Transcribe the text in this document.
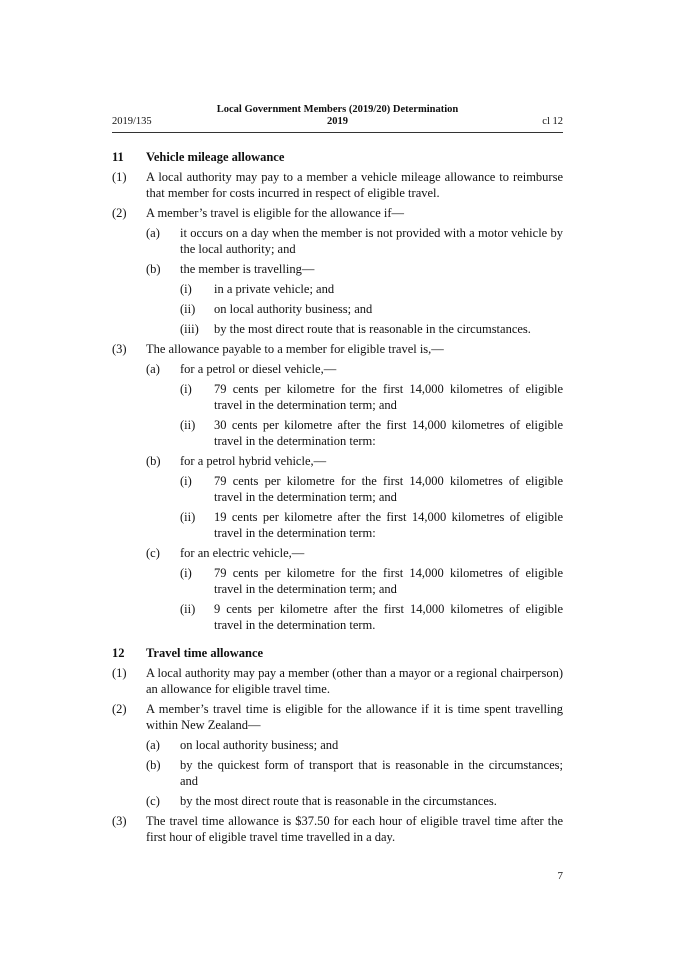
Local Government Members (2019/20) Determination
2019
2019/135	cl 12
11 Vehicle mileage allowance
(1)	A local authority may pay to a member a vehicle mileage allowance to reimburse that member for costs incurred in respect of eligible travel.
(2)	A member’s travel is eligible for the allowance if—
(a)	it occurs on a day when the member is not provided with a motor vehicle by the local authority; and
(b)	the member is travelling—
(i)	in a private vehicle; and
(ii)	on local authority business; and
(iii)	by the most direct route that is reasonable in the circumstances.
(3)	The allowance payable to a member for eligible travel is,—
(a)	for a petrol or diesel vehicle,—
(i)	79 cents per kilometre for the first 14,000 kilometres of eligible travel in the determination term; and
(ii)	30 cents per kilometre after the first 14,000 kilometres of eligible travel in the determination term:
(b)	for a petrol hybrid vehicle,—
(i)	79 cents per kilometre for the first 14,000 kilometres of eligible travel in the determination term; and
(ii)	19 cents per kilometre after the first 14,000 kilometres of eligible travel in the determination term:
(c)	for an electric vehicle,—
(i)	79 cents per kilometre for the first 14,000 kilometres of eligible travel in the determination term; and
(ii)	9 cents per kilometre after the first 14,000 kilometres of eligible travel in the determination term.
12 Travel time allowance
(1)	A local authority may pay a member (other than a mayor or a regional chairperson) an allowance for eligible travel time.
(2)	A member’s travel time is eligible for the allowance if it is time spent travelling within New Zealand—
(a)	on local authority business; and
(b)	by the quickest form of transport that is reasonable in the circumstances; and
(c)	by the most direct route that is reasonable in the circumstances.
(3)	The travel time allowance is $37.50 for each hour of eligible travel time after the first hour of eligible travel time travelled in a day.
7
